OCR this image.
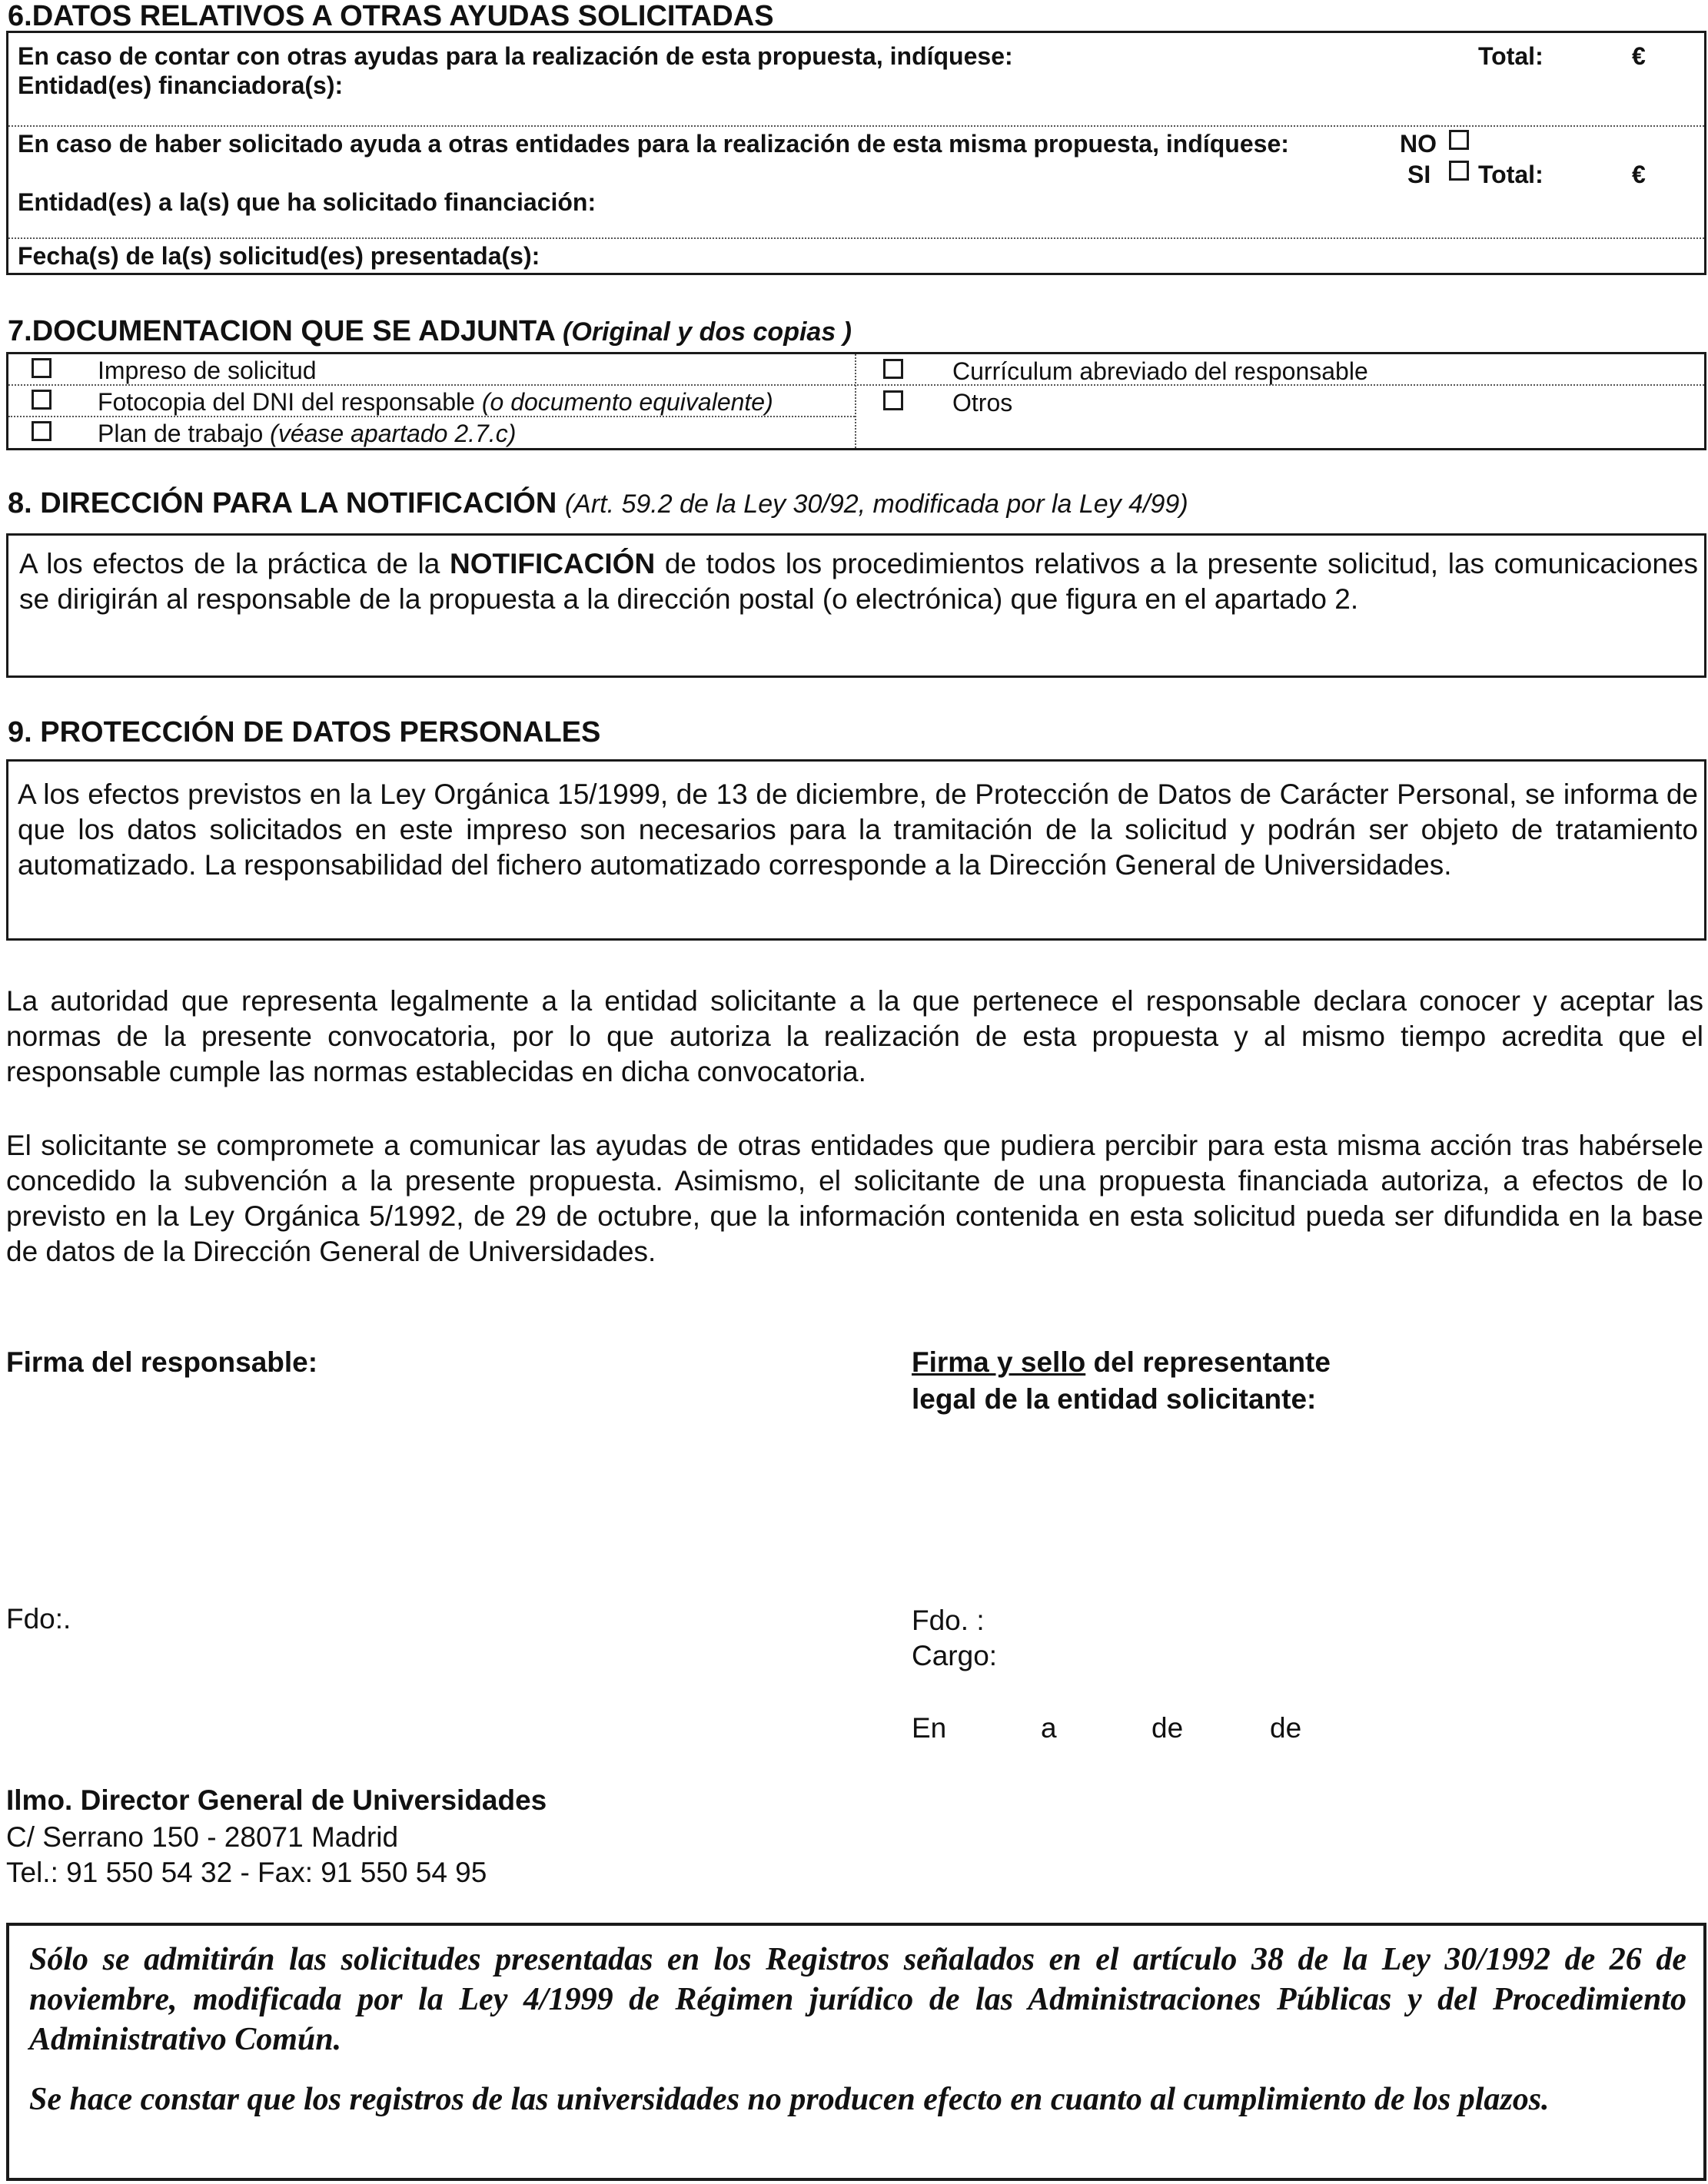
6.DATOS RELATIVOS A OTRAS AYUDAS SOLICITADAS
En caso de contar con otras ayudas para la realización de esta propuesta, indíquese:	Total:	€
Entidad(es) financiadora(s):
En caso de haber solicitado ayuda a otras entidades para la realización de esta misma propuesta, indíquese:	NO
SI Total:	€
Entidad(es) a la(s) que ha solicitado financiación:
Fecha(s) de la(s) solicitud(es) presentada(s):
7.DOCUMENTACION QUE SE ADJUNTA (Original y dos copias )
Impreso de solicitud
Fotocopia del DNI del responsable (o documento equivalente)
Plan de trabajo (véase apartado 2.7.c)
Currículum abreviado del responsable
Otros
8. DIRECCIÓN PARA LA NOTIFICACIÓN (Art. 59.2 de la Ley 30/92, modificada por la Ley 4/99)
A los efectos de la práctica de la NOTIFICACIÓN de todos los procedimientos relativos a la presente solicitud, las comunicaciones se dirigirán al responsable de la propuesta a la dirección postal (o electrónica) que figura en el apartado 2.
9. PROTECCIÓN DE DATOS PERSONALES
A los efectos previstos en la Ley Orgánica 15/1999, de 13 de diciembre, de Protección de Datos de Carácter Personal, se informa de que los datos solicitados en este impreso son necesarios para la tramitación de la solicitud y podrán ser objeto de tratamiento automatizado. La responsabilidad del fichero automatizado corresponde a la Dirección General de Universidades.
La autoridad que representa legalmente a la entidad solicitante a la que pertenece el responsable declara conocer y aceptar las normas de la presente convocatoria, por lo que autoriza la realización de esta propuesta y al mismo tiempo acredita que el responsable cumple las normas establecidas en dicha convocatoria.
El solicitante se compromete a comunicar las ayudas de otras entidades que pudiera percibir para esta misma acción tras habérsele concedido la subvención a la presente propuesta. Asimismo, el solicitante de una propuesta financiada autoriza, a efectos de lo previsto en la Ley Orgánica 5/1992, de 29 de octubre, que la información contenida en esta solicitud pueda ser difundida en la base de datos de la Dirección General de Universidades.
Firma del responsable:	Firma y sello del representante
legal de la entidad solicitante:
Fdo:.	Fdo. :
Cargo:
En	a	de	de
Ilmo. Director General de Universidades
C/ Serrano 150 - 28071 Madrid
Tel.: 91 550 54 32 - Fax: 91 550 54 95
Sólo se admitirán las solicitudes presentadas en los Registros señalados en el artículo 38 de la Ley 30/1992 de 26 de noviembre, modificada por la Ley 4/1999 de Régimen jurídico de las Administraciones Públicas y del Procedimiento Administrativo Común.
Se hace constar que los registros de las universidades no producen efecto en cuanto al cumplimiento de los plazos.
